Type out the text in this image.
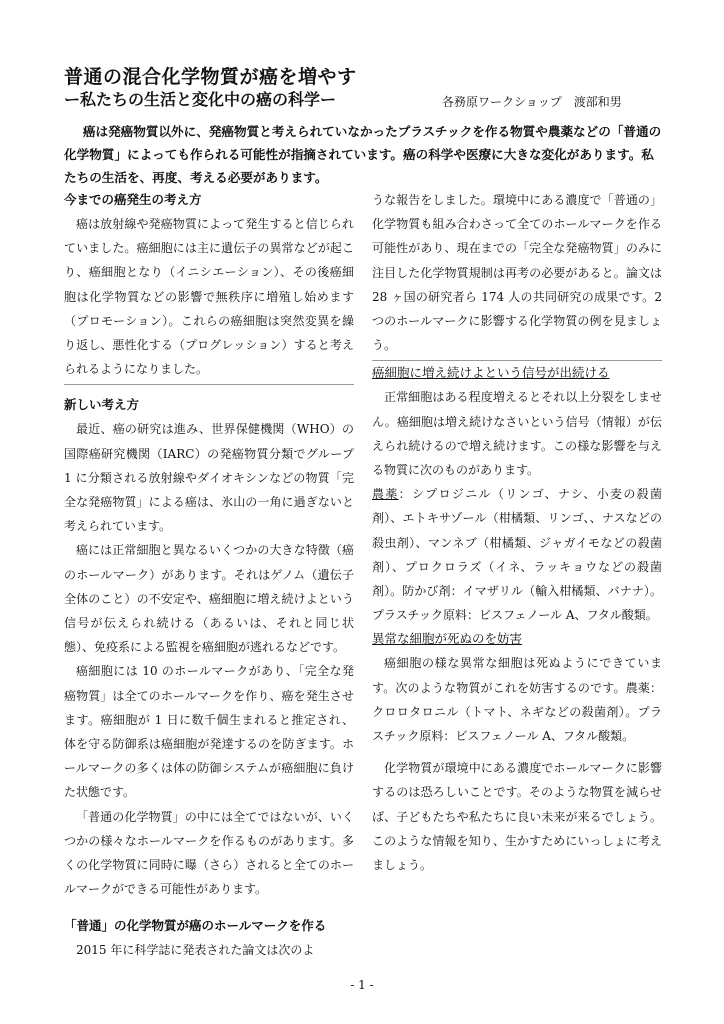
普通の混合化学物質が癌を増やす
ー私たちの生活と変化中の癌の科学ー	各務原ワークショップ　渡部和男

癌は発癌物質以外に、発癌物質と考えられていなかったプラスチックを作る物質や農薬などの「普通の化学物質」によっても作られる可能性が指摘されています。癌の科学や医療に大きな変化があります。私たちの生活を、再度、考える必要があります。

今までの癌発生の考え方

癌は放射線や発癌物質によって発生すると信じられていました。癌細胞には主に遺伝子の異常などが起こり、癌細胞となり（イニシエーション）、その後癌細胞は化学物質などの影響で無秩序に増殖し始めます（プロモーション）。これらの癌細胞は突然変異を繰り返し、悪性化する（プログレッション）すると考えられるようになりました。

新しい考え方

最近、癌の研究は進み、世界保健機関（WHO）の国際癌研究機関（IARC）の発癌物質分類でグループ 1 に分類される放射線やダイオキシンなどの物質「完全な発癌物質」による癌は、氷山の一角に過ぎないと考えられています。

癌には正常細胞と異なるいくつかの大きな特徴（癌のホールマーク）があります。それはゲノム（遺伝子全体のこと）の不安定や、癌細胞に増え続けよという信号が伝えられ続ける（あるいは、それと同じ状態）、免疫系による監視を癌細胞が逃れるなどです。

癌細胞には 10 のホールマークがあり、「完全な発癌物質」は全てのホールマークを作り、癌を発生させます。癌細胞が 1 日に数千個生まれると推定され、体を守る防御系は癌細胞が発達するのを防ぎます。ホールマークの多くは体の防御システムが癌細胞に負けた状態です。

「普通の化学物質」の中には全てではないが、いくつかの様々なホールマークを作るものがあります。多くの化学物質に同時に曝（さら）されると全てのホールマークができる可能性があります。

「普通」の化学物質が癌のホールマークを作る

2015 年に科学誌に発表された論文は次のよ

うな報告をしました。環境中にある濃度で「普通の」化学物質も組み合わさって全てのホールマークを作る可能性があり、現在までの「完全な発癌物質」のみに注目した化学物質規制は再考の必要があると。論文は 28 ヶ国の研究者ら 174 人の共同研究の成果です。2 つのホールマークに影響する化学物質の例を見ましょう。

癌細胞に増え続けよという信号が出続ける

正常細胞はある程度増えるとそれ以上分裂をしません。癌細胞は増え続けなさいという信号（情報）が伝えられ続けるので増え続けます。この様な影響を与える物質に次のものがあります。

農薬：シプロジニル（リンゴ、ナシ、小麦の殺菌剤）、エトキサゾール（柑橘類、リンゴ、、ナスなどの殺虫剤）、マンネブ（柑橘類、ジャガイモなどの殺菌剤）、プロクロラズ（イネ、ラッキョウなどの殺菌剤）。防かび剤：イマザリル（輸入柑橘類、バナナ）。プラスチック原料：ビスフェノール A、フタル酸類。

異常な細胞が死ぬのを妨害

癌細胞の様な異常な細胞は死ぬようにできています。次のような物質がこれを妨害するのです。農薬：クロロタロニル（トマト、ネギなどの殺菌剤）。プラスチック原料：ビスフェノール A、フタル酸類。

化学物質が環境中にある濃度でホールマークに影響するのは恐ろしいことです。そのような物質を減らせば、子どもたちや私たちに良い未来が来るでしょう。このような情報を知り、生かすためにいっしょに考えましょう。

- 1 -
